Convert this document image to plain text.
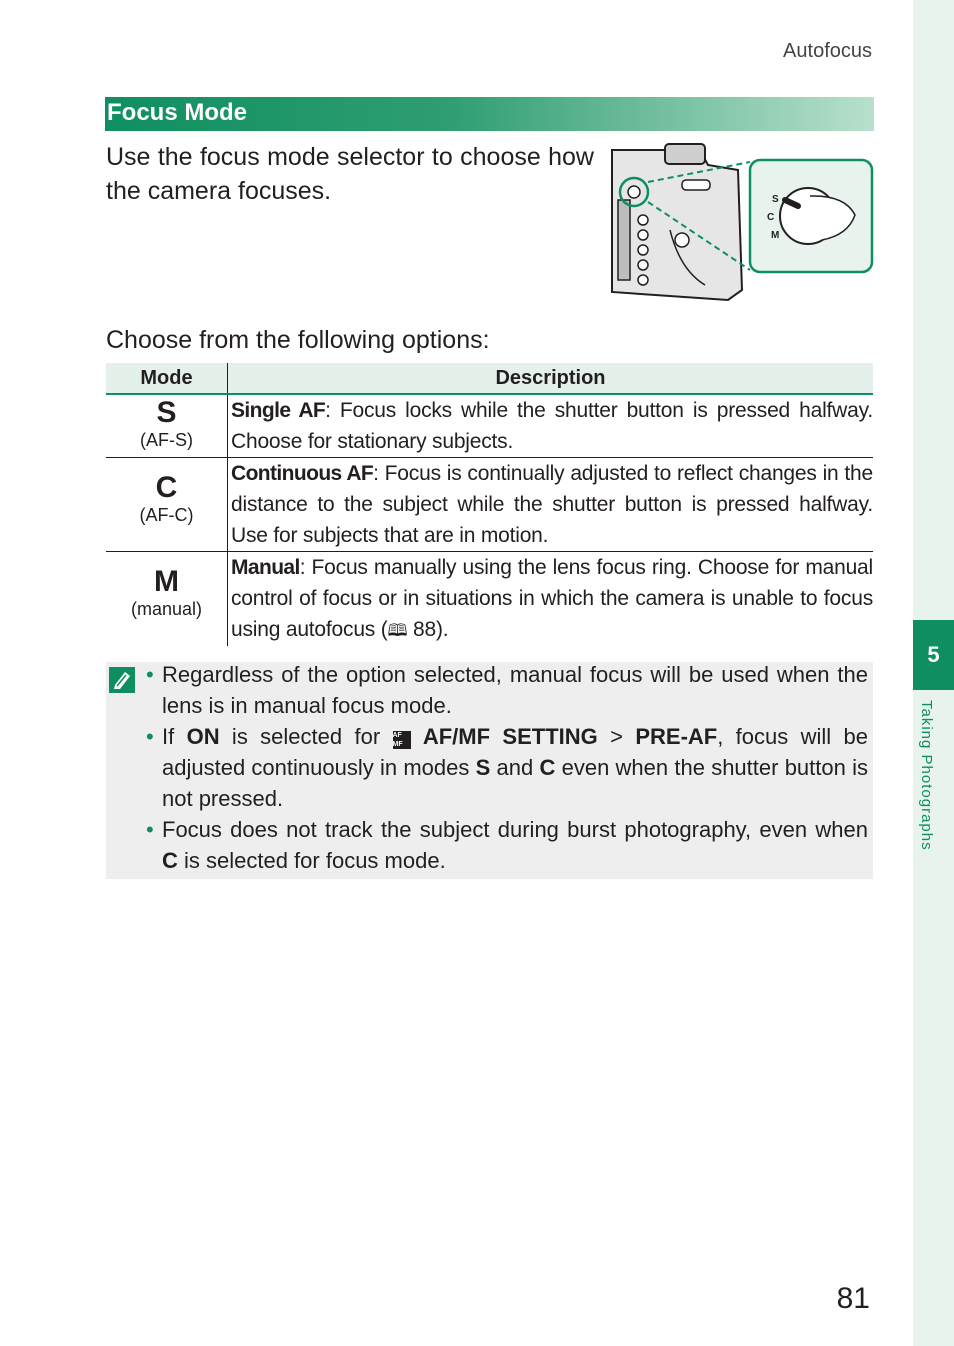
5
Taking Photographs
Autofocus
Focus Mode
Use the focus mode selector to choose how the camera focuses.	S
C
M
Choose from the following options:
Mode	Description
S
(AF-S)
Single AF: Focus locks while the shutter button is pressed halfway. Choose for stationary subjects.
C
(AF-C)
Continuous AF: Focus is continually adjusted to reflect changes in the distance to the subject while the shutter button is pressed halfway. Use for subjects that are in motion.
M
(manual)
Manual: Focus manually using the lens focus ring. Choose for manual control of focus or in situations in which the camera is unable to focus using autofocus (🕮 88).
• Regardless of the option selected, manual focus will be used when the lens is in manual focus mode.
• If ON is selected for AF
MF AF/MF SETTING > PRE-AF, focus will be adjusted continuously in modes S and C even when the shutter button is not pressed.
• Focus does not track the subject during burst photography, even when C is selected for focus mode.
81
